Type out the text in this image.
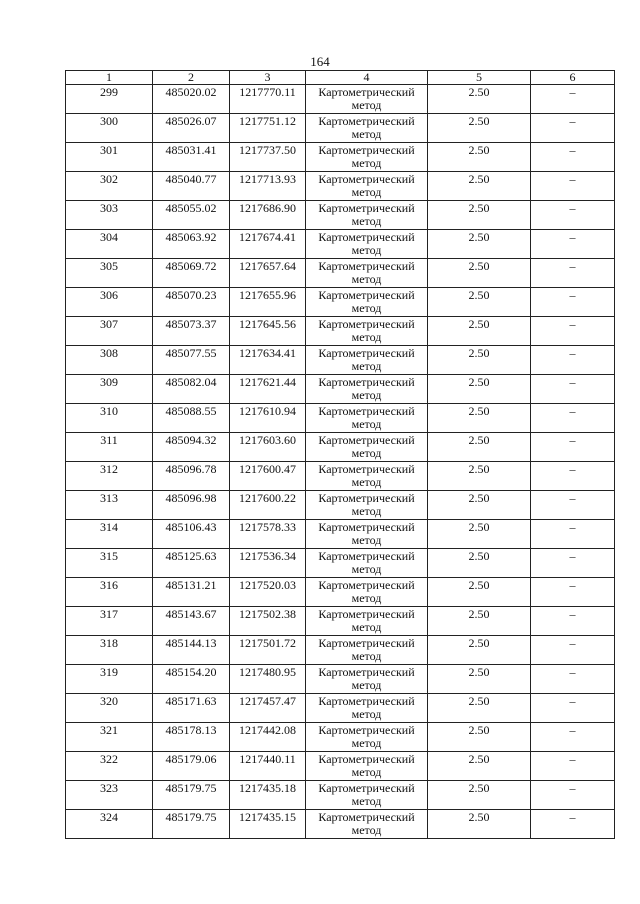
164
1	2	3	4	5	6
299	485020.02	1217770.11	Картометрический метод	2.50	–
300	485026.07	1217751.12	Картометрический метод	2.50	–
301	485031.41	1217737.50	Картометрический метод	2.50	–
302	485040.77	1217713.93	Картометрический метод	2.50	–
303	485055.02	1217686.90	Картометрический метод	2.50	–
304	485063.92	1217674.41	Картометрический метод	2.50	–
305	485069.72	1217657.64	Картометрический метод	2.50	–
306	485070.23	1217655.96	Картометрический метод	2.50	–
307	485073.37	1217645.56	Картометрический метод	2.50	–
308	485077.55	1217634.41	Картометрический метод	2.50	–
309	485082.04	1217621.44	Картометрический метод	2.50	–
310	485088.55	1217610.94	Картометрический метод	2.50	–
311	485094.32	1217603.60	Картометрический метод	2.50	–
312	485096.78	1217600.47	Картометрический метод	2.50	–
313	485096.98	1217600.22	Картометрический метод	2.50	–
314	485106.43	1217578.33	Картометрический метод	2.50	–
315	485125.63	1217536.34	Картометрический метод	2.50	–
316	485131.21	1217520.03	Картометрический метод	2.50	–
317	485143.67	1217502.38	Картометрический метод	2.50	–
318	485144.13	1217501.72	Картометрический метод	2.50	–
319	485154.20	1217480.95	Картометрический метод	2.50	–
320	485171.63	1217457.47	Картометрический метод	2.50	–
321	485178.13	1217442.08	Картометрический метод	2.50	–
322	485179.06	1217440.11	Картометрический метод	2.50	–
323	485179.75	1217435.18	Картометрический метод	2.50	–
324	485179.75	1217435.15	Картометрический метод	2.50	–
